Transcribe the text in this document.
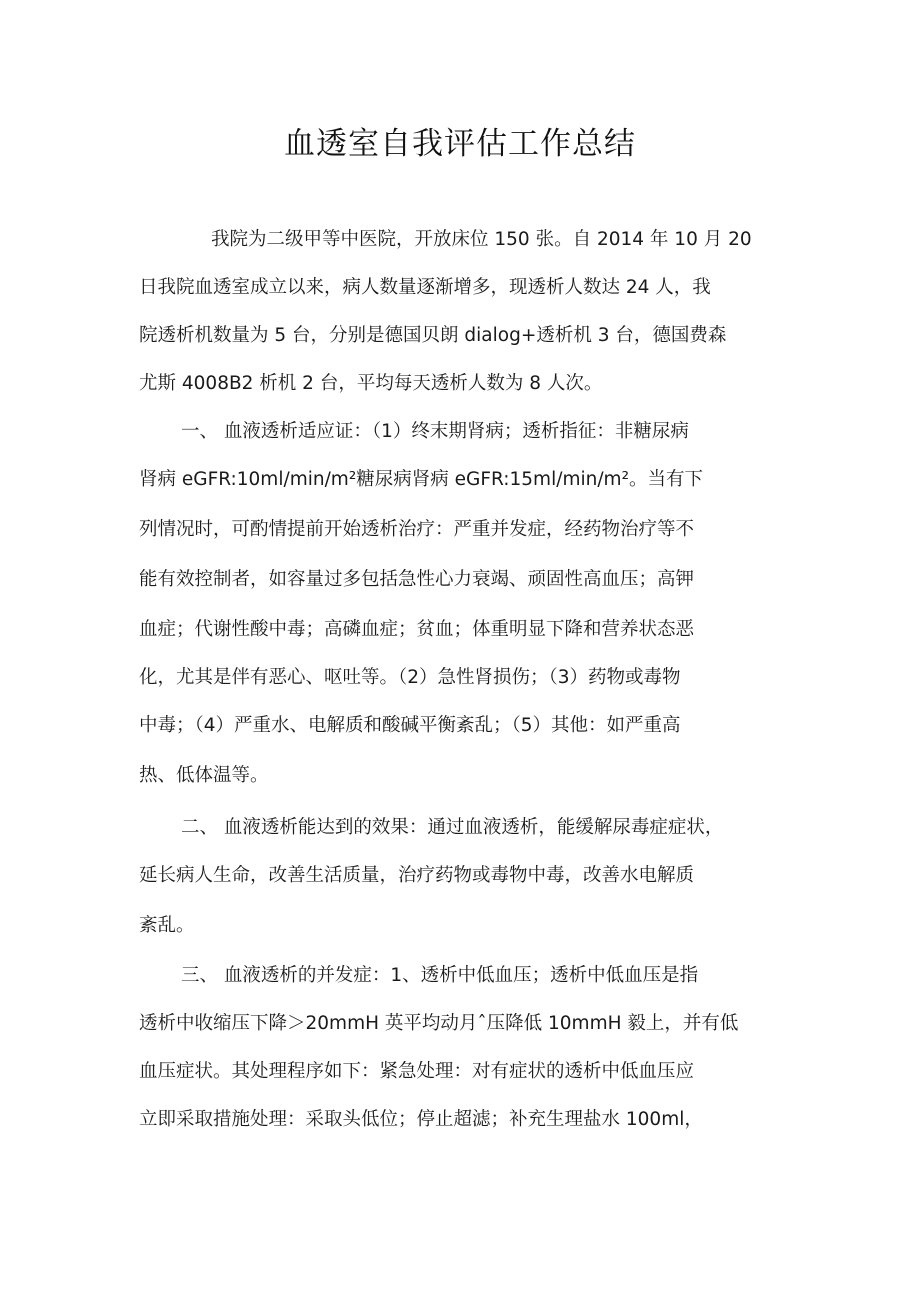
血透室自我评估工作总结
我院为二级甲等中医院，开放床位 150 张。自 2014 年 10 月 20
日我院血透室成立以来，病人数量逐渐增多，现透析人数达 24 人，我
院透析机数量为 5 台，分别是德国贝朗 dialog+透析机 3 台，德国费森
尤斯 4008B2 析机 2 台，平均每天透析人数为 8 人次。
一、 血液透析适应证：（1）终末期肾病；透析指征：非糖尿病
肾病 eGFR:10ml/min/m²糖尿病肾病 eGFR:15ml/min/m²。当有下
列情况时，可酌情提前开始透析治疗：严重并发症，经药物治疗等不
能有效控制者，如容量过多包括急性心力衰竭、顽固性高血压；高钾
血症；代谢性酸中毒；高磷血症；贫血；体重明显下降和营养状态恶
化，尤其是伴有恶心、呕吐等。（2）急性肾损伤；（3）药物或毒物
中毒；（4）严重水、电解质和酸碱平衡紊乱；（5）其他：如严重高
热、低体温等。
二、 血液透析能达到的效果：通过血液透析，能缓解尿毒症症状，
延长病人生命，改善生活质量，治疗药物或毒物中毒，改善水电解质
紊乱。
三、 血液透析的并发症：1、透析中低血压；透析中低血压是指
透析中收缩压下降＞20mmH 英平均动月ˆ压降低 10mmH 毅上，并有低
血压症状。其处理程序如下：紧急处理：对有症状的透析中低血压应
立即采取措施处理：采取头低位；停止超滤；补充生理盐水 100ml，
